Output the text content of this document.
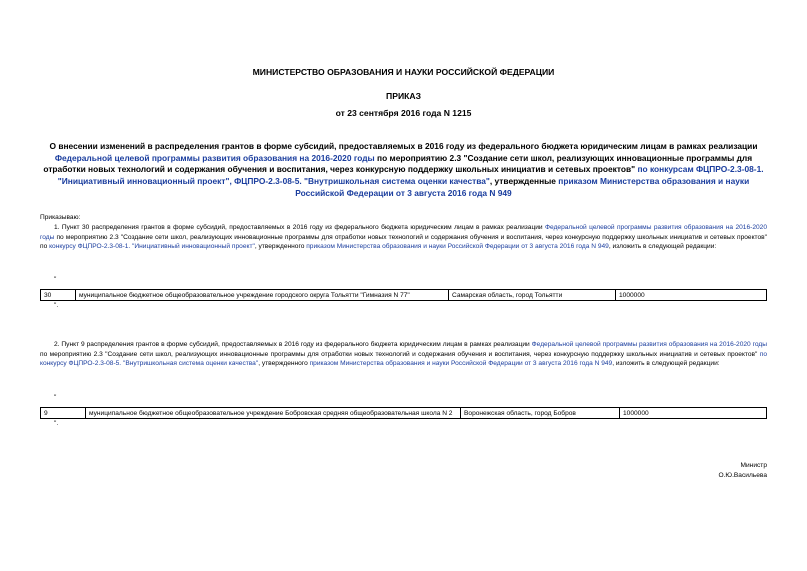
МИНИСТЕРСТВО ОБРАЗОВАНИЯ И НАУКИ РОССИЙСКОЙ ФЕДЕРАЦИИ
ПРИКАЗ
от 23 сентября 2016 года N 1215
О внесении изменений в распределения грантов в форме субсидий, предоставляемых в 2016 году из федерального бюджета юридическим лицам в рамках реализации Федеральной целевой программы развития образования на 2016-2020 годы по мероприятию 2.3 "Создание сети школ, реализующих инновационные программы для отработки новых технологий и содержания обучения и воспитания, через конкурсную поддержку школьных инициатив и сетевых проектов" по конкурсам ФЦПРО-2.3-08-1. "Инициативный инновационный проект", ФЦПРО-2.3-08-5. "Внутришкольная система оценки качества", утвержденные приказом Министерства образования и науки Российской Федерации от 3 августа 2016 года N 949
Приказываю:
1. Пункт 30 распределения грантов в форме субсидий, предоставляемых в 2016 году из федерального бюджета юридическим лицам в рамках реализации Федеральной целевой программы развития образования на 2016-2020 годы по мероприятию 2.3 "Создание сети школ, реализующих инновационные программы для отработки новых технологий и содержания обучения и воспитания, через конкурсную поддержку школьных инициатив и сетевых проектов" по конкурсу ФЦПРО-2.3-08-1. "Инициативный инновационный проект", утвержденного приказом Министерства образования и науки Российской Федерации от 3 августа 2016 года N 949, изложить в следующей редакции:
"
30	муниципальное бюджетное общеобразовательное учреждение городского округа Тольятти "Гимназия N 77"	Самарская область, город Тольятти	1000000
".
2. Пункт 9 распределения грантов в форме субсидий, предоставляемых в 2016 году из федерального бюджета юридическим лицам в рамках реализации Федеральной целевой программы развития образования на 2016-2020 годы по мероприятию 2.3 "Создание сети школ, реализующих инновационные программы для отработки новых технологий и содержания обучения и воспитания, через конкурсную поддержку школьных инициатив и сетевых проектов" по конкурсу ФЦПРО-2.3-08-5. "Внутришкольная система оценки качества", утвержденного приказом Министерства образования и науки Российской Федерации от 3 августа 2016 года N 949, изложить в следующей редакции:
"
9	муниципальное бюджетное общеобразовательное учреждение Бобровская средняя общеобразовательная школа N 2	Воронежская область, город Бобров	1000000
".
Министр
О.Ю.Васильева
